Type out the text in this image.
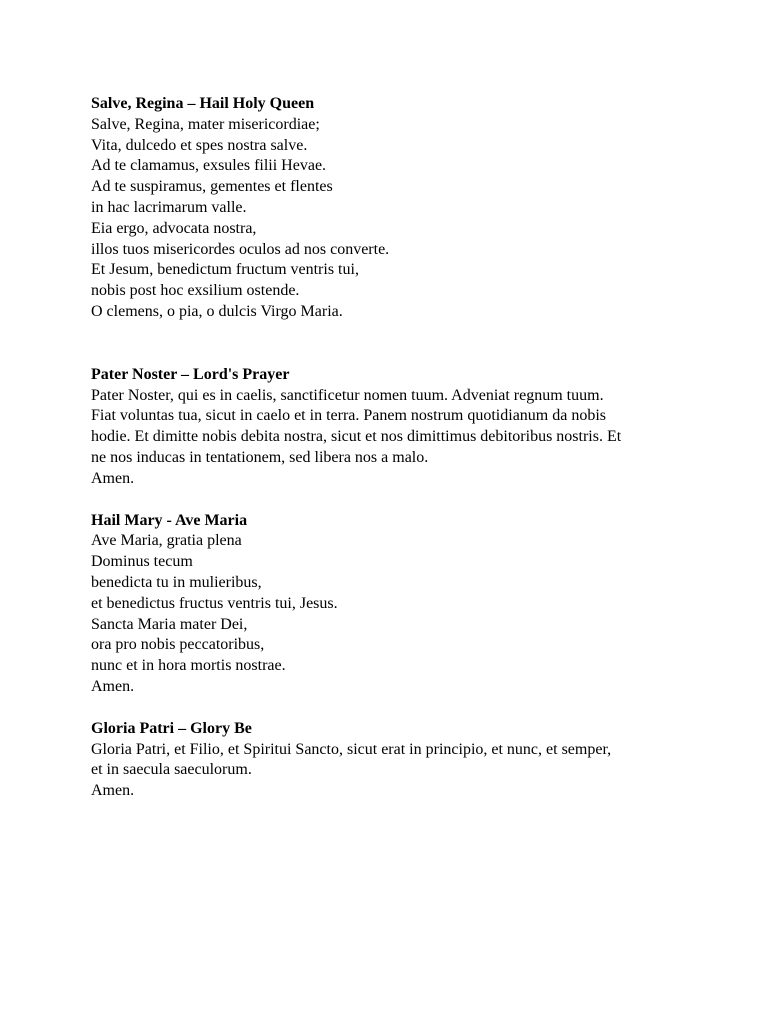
Salve, Regina – Hail Holy Queen

Salve, Regina, mater misericordiae;

Vita, dulcedo et spes nostra salve.

Ad te clamamus, exsules filii Hevae.

Ad te suspiramus, gementes et flentes

in hac lacrimarum valle.

Eia ergo, advocata nostra,

illos tuos misericordes oculos ad nos converte.

Et Jesum, benedictum fructum ventris tui,

nobis post hoc exsilium ostende.

O clemens, o pia, o dulcis Virgo Maria.

Pater Noster – Lord's Prayer

Pater Noster, qui es in caelis, sanctificetur nomen tuum. Adveniat regnum tuum.

Fiat voluntas tua, sicut in caelo et in terra. Panem nostrum quotidianum da nobis

hodie. Et dimitte nobis debita nostra, sicut et nos dimittimus debitoribus nostris. Et

ne nos inducas in tentationem, sed libera nos a malo.

Amen.

Hail Mary - Ave Maria

Ave Maria, gratia plena

Dominus tecum

benedicta tu in mulieribus,

et benedictus fructus ventris tui, Jesus.

Sancta Maria mater Dei,

ora pro nobis peccatoribus,

nunc et in hora mortis nostrae.

Amen.

Gloria Patri – Glory Be

Gloria Patri, et Filio, et Spiritui Sancto, sicut erat in principio, et nunc, et semper,

et in saecula saeculorum.

Amen.
